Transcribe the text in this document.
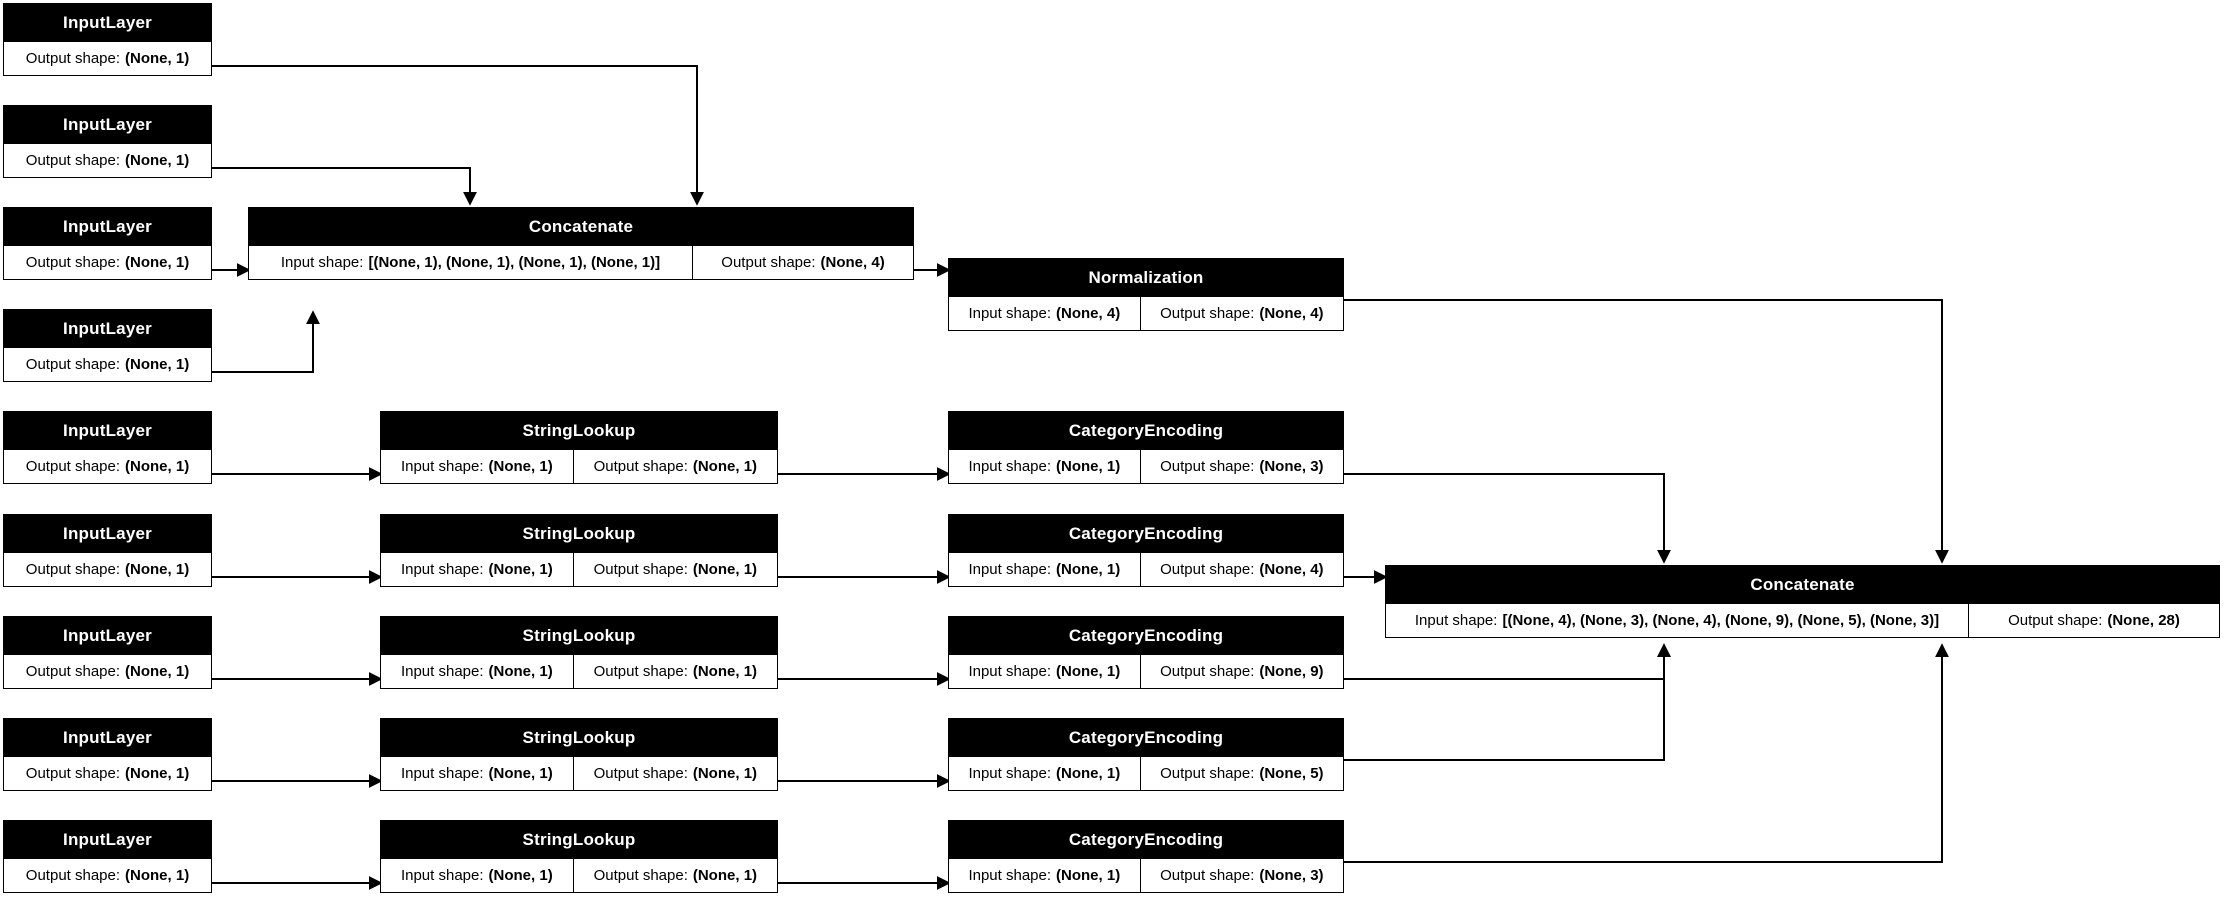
InputLayer
Output shape: (None, 1)
InputLayer
Output shape: (None, 1)
InputLayer
Output shape: (None, 1)
InputLayer
Output shape: (None, 1)
Concatenate
Input shape: [(None, 1), (None, 1), (None, 1), (None, 1)]	Output shape: (None, 4)
Normalization
Input shape: (None, 4)	Output shape: (None, 4)
InputLayer
Output shape: (None, 1)
StringLookup
Input shape: (None, 1)	Output shape: (None, 1)
CategoryEncoding
Input shape: (None, 1)	Output shape: (None, 3)
InputLayer
Output shape: (None, 1)
StringLookup
Input shape: (None, 1)	Output shape: (None, 1)
CategoryEncoding
Input shape: (None, 1)	Output shape: (None, 4)
InputLayer
Output shape: (None, 1)
StringLookup
Input shape: (None, 1)	Output shape: (None, 1)
CategoryEncoding
Input shape: (None, 1)	Output shape: (None, 9)
InputLayer
Output shape: (None, 1)
StringLookup
Input shape: (None, 1)	Output shape: (None, 1)
CategoryEncoding
Input shape: (None, 1)	Output shape: (None, 5)
InputLayer
Output shape: (None, 1)
StringLookup
Input shape: (None, 1)	Output shape: (None, 1)
CategoryEncoding
Input shape: (None, 1)	Output shape: (None, 3)
Concatenate
Input shape: [(None, 4), (None, 3), (None, 4), (None, 9), (None, 5), (None, 3)]	Output shape: (None, 28)
